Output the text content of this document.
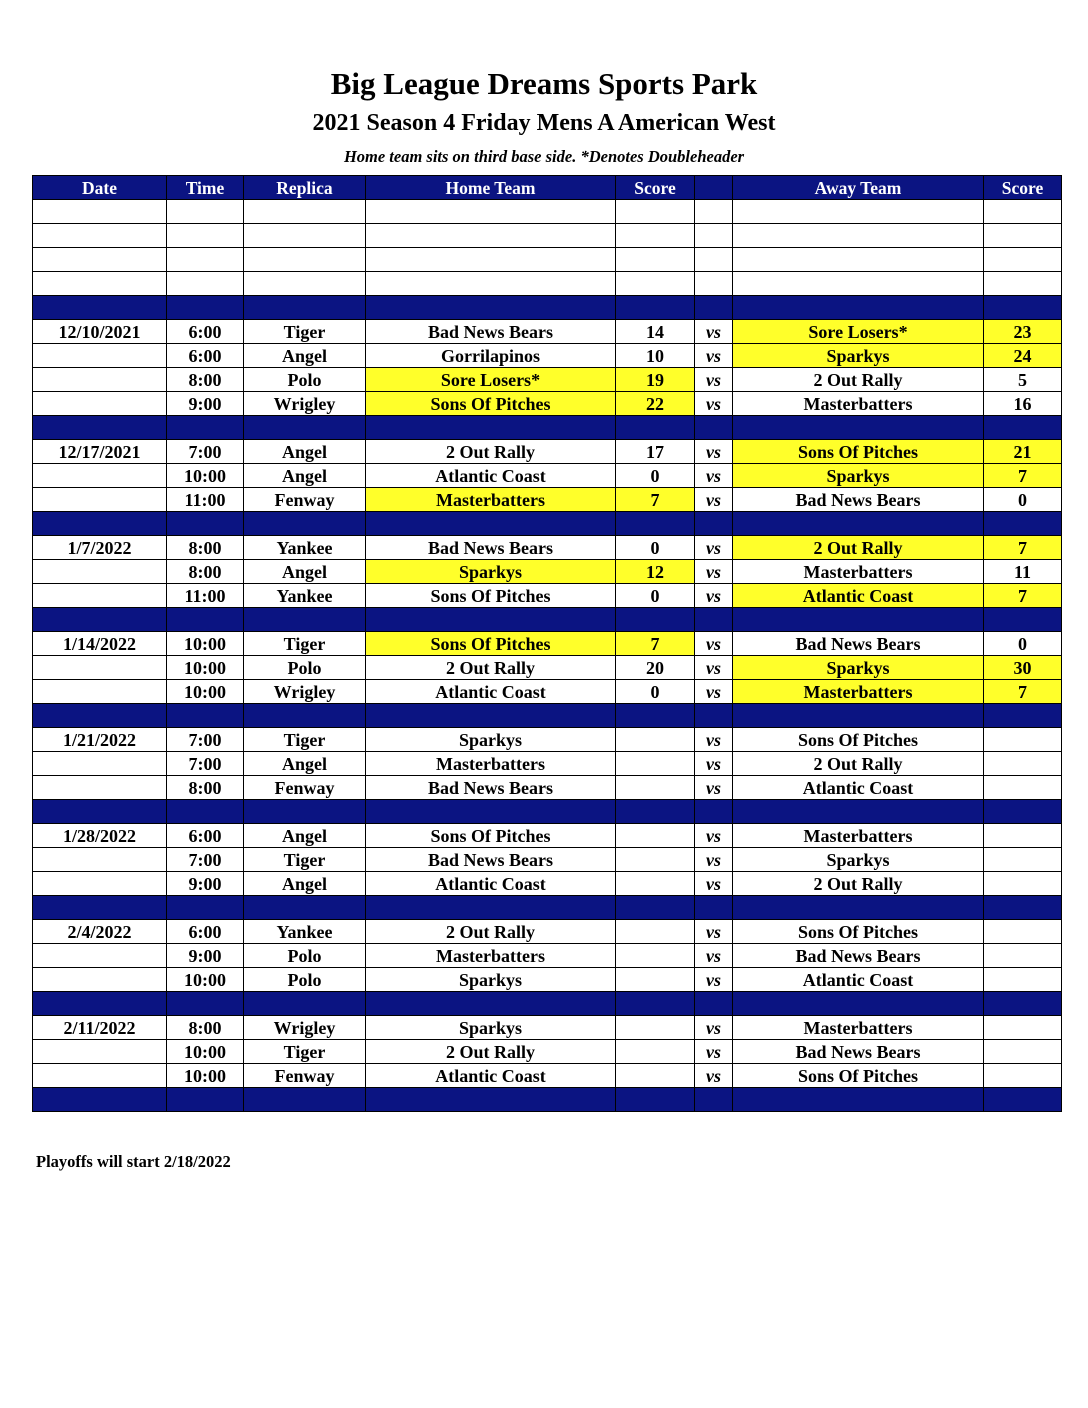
Big League Dreams Sports Park
2021 Season 4 Friday Mens A American West
Home team sits on third base side. *Denotes Doubleheader
Date	Time	Replica	Home Team	Score		Away Team	Score

12/10/2021	6:00	Tiger	Bad News Bears	14	vs	Sore Losers*	23
	6:00	Angel	Gorrilapinos	10	vs	Sparkys	24
	8:00	Polo	Sore Losers*	19	vs	2 Out Rally	5
	9:00	Wrigley	Sons Of Pitches	22	vs	Masterbatters	16

12/17/2021	7:00	Angel	2 Out Rally	17	vs	Sons Of Pitches	21
	10:00	Angel	Atlantic Coast	0	vs	Sparkys	7
	11:00	Fenway	Masterbatters	7	vs	Bad News Bears	0

1/7/2022	8:00	Yankee	Bad News Bears	0	vs	2 Out Rally	7
	8:00	Angel	Sparkys	12	vs	Masterbatters	11
	11:00	Yankee	Sons Of Pitches	0	vs	Atlantic Coast	7

1/14/2022	10:00	Tiger	Sons Of Pitches	7	vs	Bad News Bears	0
	10:00	Polo	2 Out Rally	20	vs	Sparkys	30
	10:00	Wrigley	Atlantic Coast	0	vs	Masterbatters	7

1/21/2022	7:00	Tiger	Sparkys		vs	Sons Of Pitches	
	7:00	Angel	Masterbatters		vs	2 Out Rally	
	8:00	Fenway	Bad News Bears		vs	Atlantic Coast	

1/28/2022	6:00	Angel	Sons Of Pitches		vs	Masterbatters	
	7:00	Tiger	Bad News Bears		vs	Sparkys	
	9:00	Angel	Atlantic Coast		vs	2 Out Rally	

2/4/2022	6:00	Yankee	2 Out Rally		vs	Sons Of Pitches	
	9:00	Polo	Masterbatters		vs	Bad News Bears	
	10:00	Polo	Sparkys		vs	Atlantic Coast	

2/11/2022	8:00	Wrigley	Sparkys		vs	Masterbatters	
	10:00	Tiger	2 Out Rally		vs	Bad News Bears	
	10:00	Fenway	Atlantic Coast		vs	Sons Of Pitches	

Playoffs will start 2/18/2022
